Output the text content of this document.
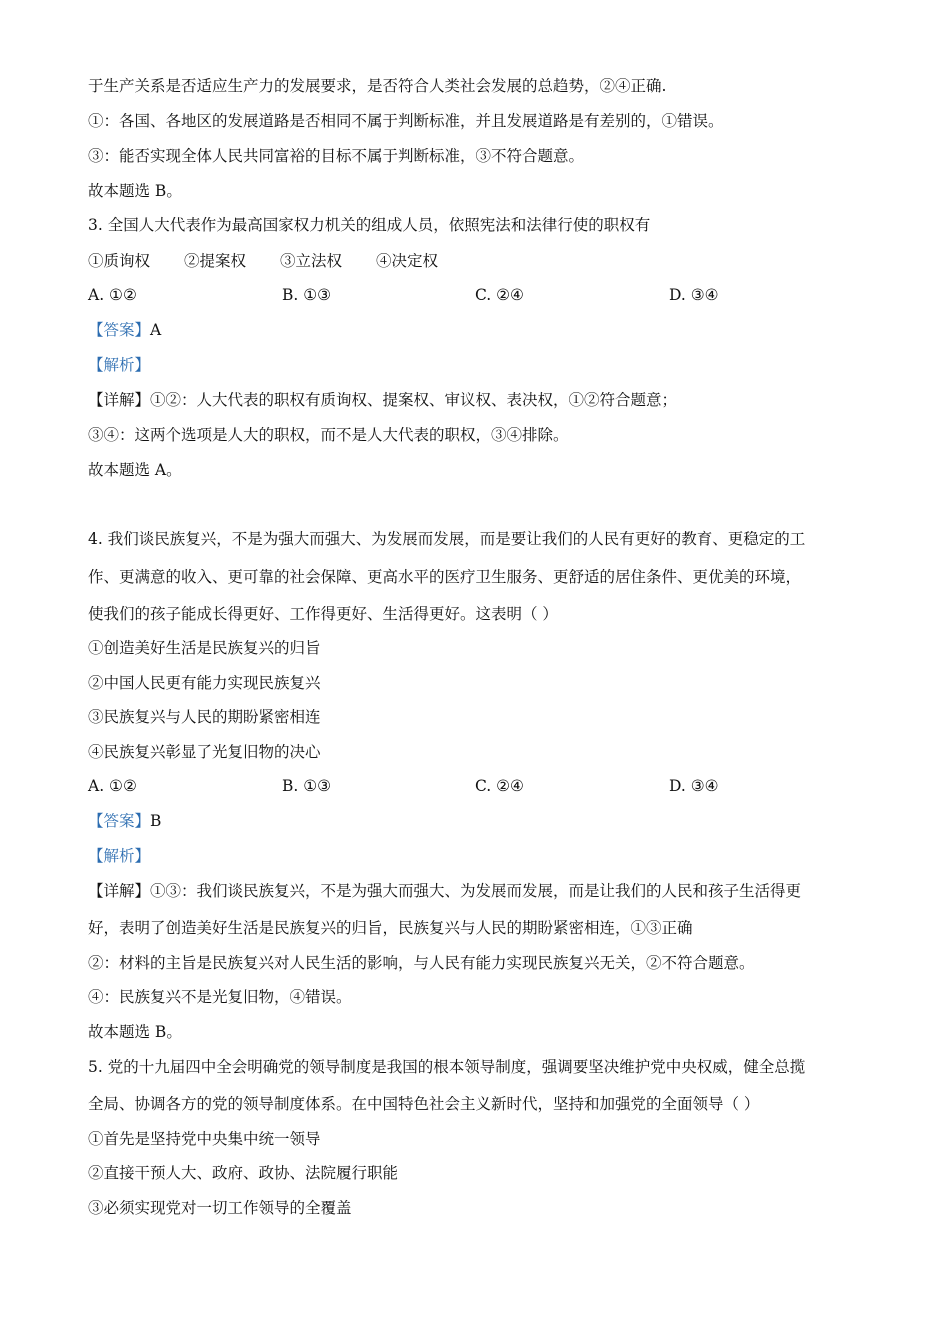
于生产关系是否适应生产力的发展要求，是否符合人类社会发展的总趋势，②④正确.
①：各国、各地区的发展道路是否相同不属于判断标准，并且发展道路是有差别的，①错误。
③：能否实现全体人民共同富裕的目标不属于判断标准，③不符合题意。
故本题选 B。
3. 全国人大代表作为最高国家权力机关的组成人员，依照宪法和法律行使的职权有
①质询权 ②提案权 ③立法权 ④决定权
A. ①②	B. ①③	C. ②④	D. ③④
【答案】A
【解析】
【详解】①②：人大代表的职权有质询权、提案权、审议权、表决权，①②符合题意；
③④：这两个选项是人大的职权，而不是人大代表的职权，③④排除。
故本题选 A。
4. 我们谈民族复兴，不是为强大而强大、为发展而发展，而是要让我们的人民有更好的教育、更稳定的工
作、更满意的收入、更可靠的社会保障、更高水平的医疗卫生服务、更舒适的居住条件、更优美的环境，
使我们的孩子能成长得更好、工作得更好、生活得更好。这表明（ ）
①创造美好生活是民族复兴的归旨
②中国人民更有能力实现民族复兴
③民族复兴与人民的期盼紧密相连
④民族复兴彰显了光复旧物的决心
A. ①②	B. ①③	C. ②④	D. ③④
【答案】B
【解析】
【详解】①③：我们谈民族复兴，不是为强大而强大、为发展而发展，而是让我们的人民和孩子生活得更
好，表明了创造美好生活是民族复兴的归旨，民族复兴与人民的期盼紧密相连，①③正确
②：材料的主旨是民族复兴对人民生活的影响，与人民有能力实现民族复兴无关，②不符合题意。
④：民族复兴不是光复旧物，④错误。
故本题选 B。
5. 党的十九届四中全会明确党的领导制度是我国的根本领导制度，强调要坚决维护党中央权威，健全总揽
全局、协调各方的党的领导制度体系。在中国特色社会主义新时代，坚持和加强党的全面领导（ ）
①首先是坚持党中央集中统一领导
②直接干预人大、政府、政协、法院履行职能
③必须实现党对一切工作领导的全覆盖
